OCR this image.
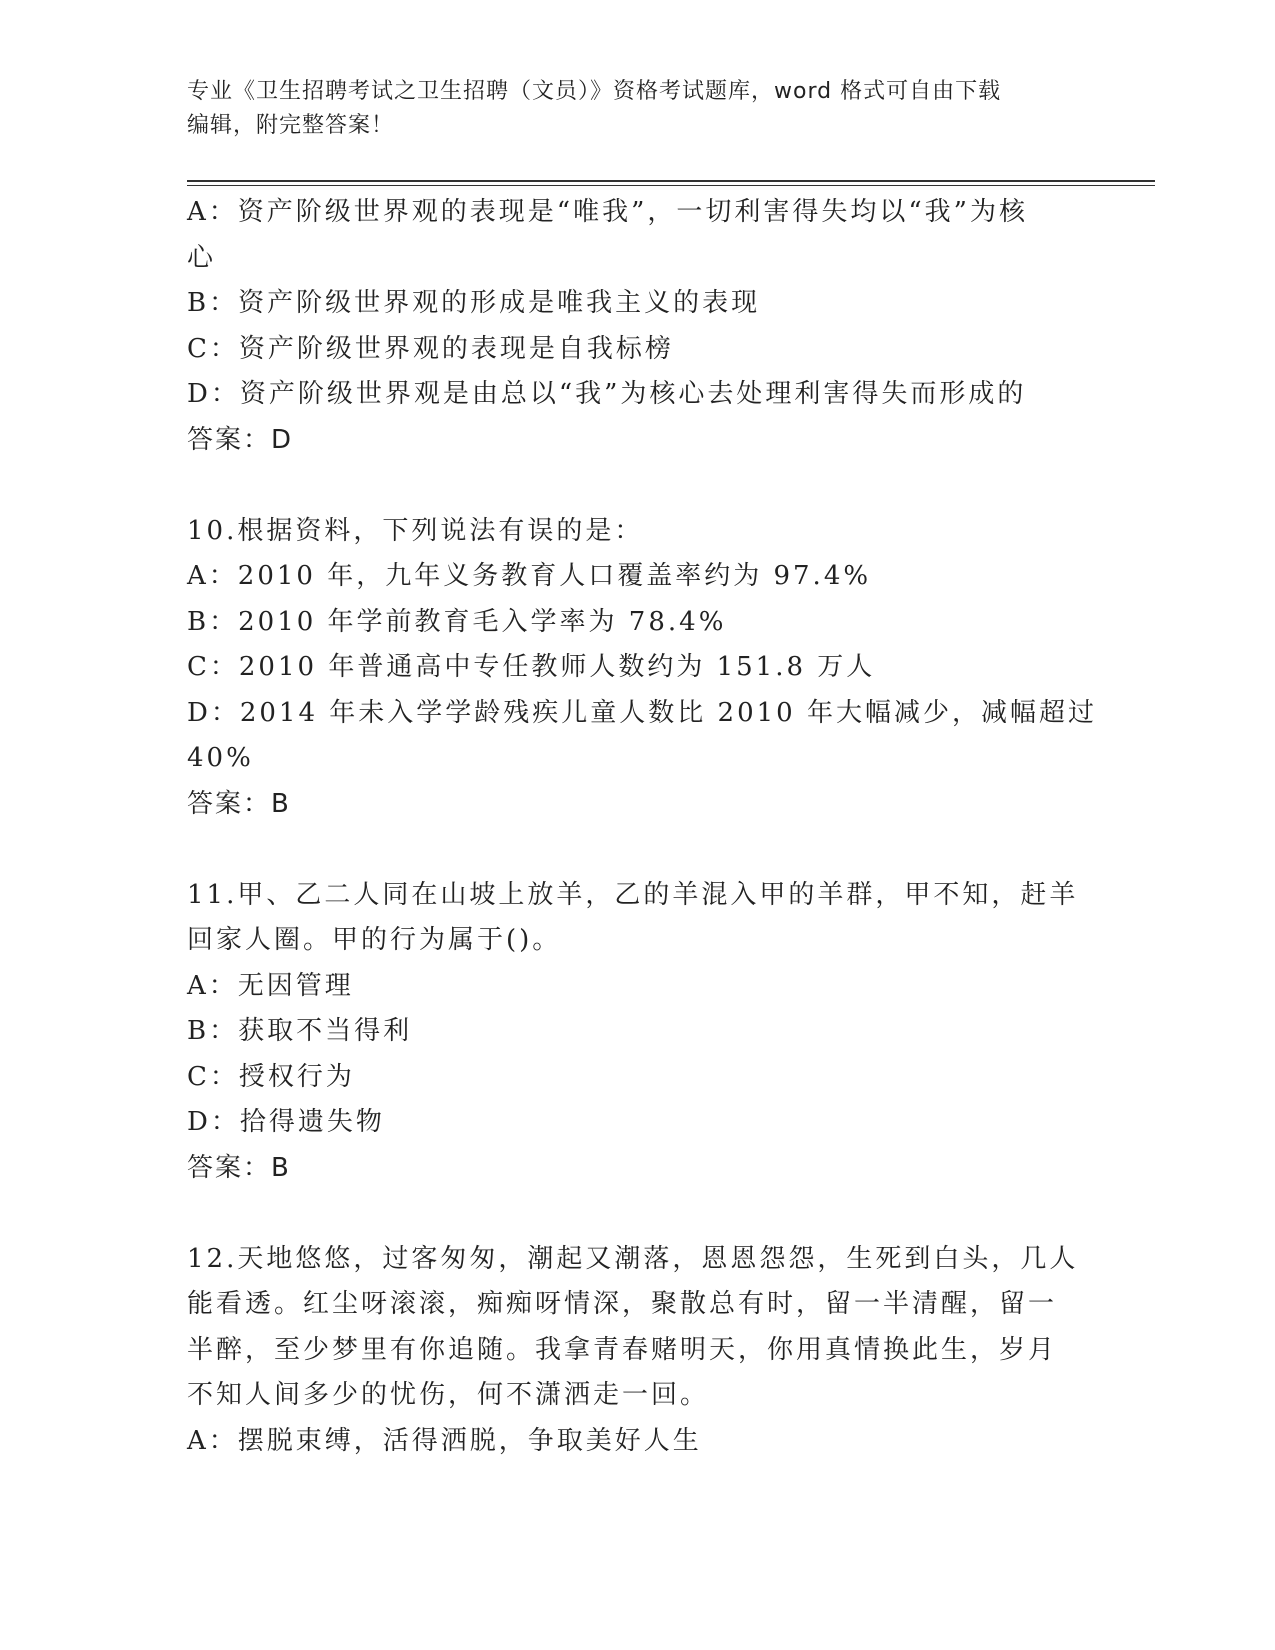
专业《卫生招聘考试之卫生招聘（文员）》资格考试题库，word 格式可自由下载
编辑，附完整答案！
A：资产阶级世界观的表现是“唯我”，一切利害得失均以“我”为核
心
B：资产阶级世界观的形成是唯我主义的表现
C：资产阶级世界观的表现是自我标榜
D：资产阶级世界观是由总以“我”为核心去处理利害得失而形成的
答案：D
10.根据资料，下列说法有误的是：
A：2010 年，九年义务教育人口覆盖率约为 97.4%
B：2010 年学前教育毛入学率为 78.4%
C：2010 年普通高中专任教师人数约为 151.8 万人
D：2014 年未入学学龄残疾儿童人数比 2010 年大幅减少，减幅超过
40%
答案：B
11.甲、乙二人同在山坡上放羊，乙的羊混入甲的羊群，甲不知，赶羊
回家人圈。甲的行为属于()。
A：无因管理
B：获取不当得利
C：授权行为
D：拾得遗失物
答案：B
12.天地悠悠，过客匆匆，潮起又潮落，恩恩怨怨，生死到白头，几人
能看透。红尘呀滚滚，痴痴呀情深，聚散总有时，留一半清醒，留一
半醉，至少梦里有你追随。我拿青春赌明天，你用真情换此生，岁月
不知人间多少的忧伤，何不潇洒走一回。
A：摆脱束缚，活得洒脱，争取美好人生
